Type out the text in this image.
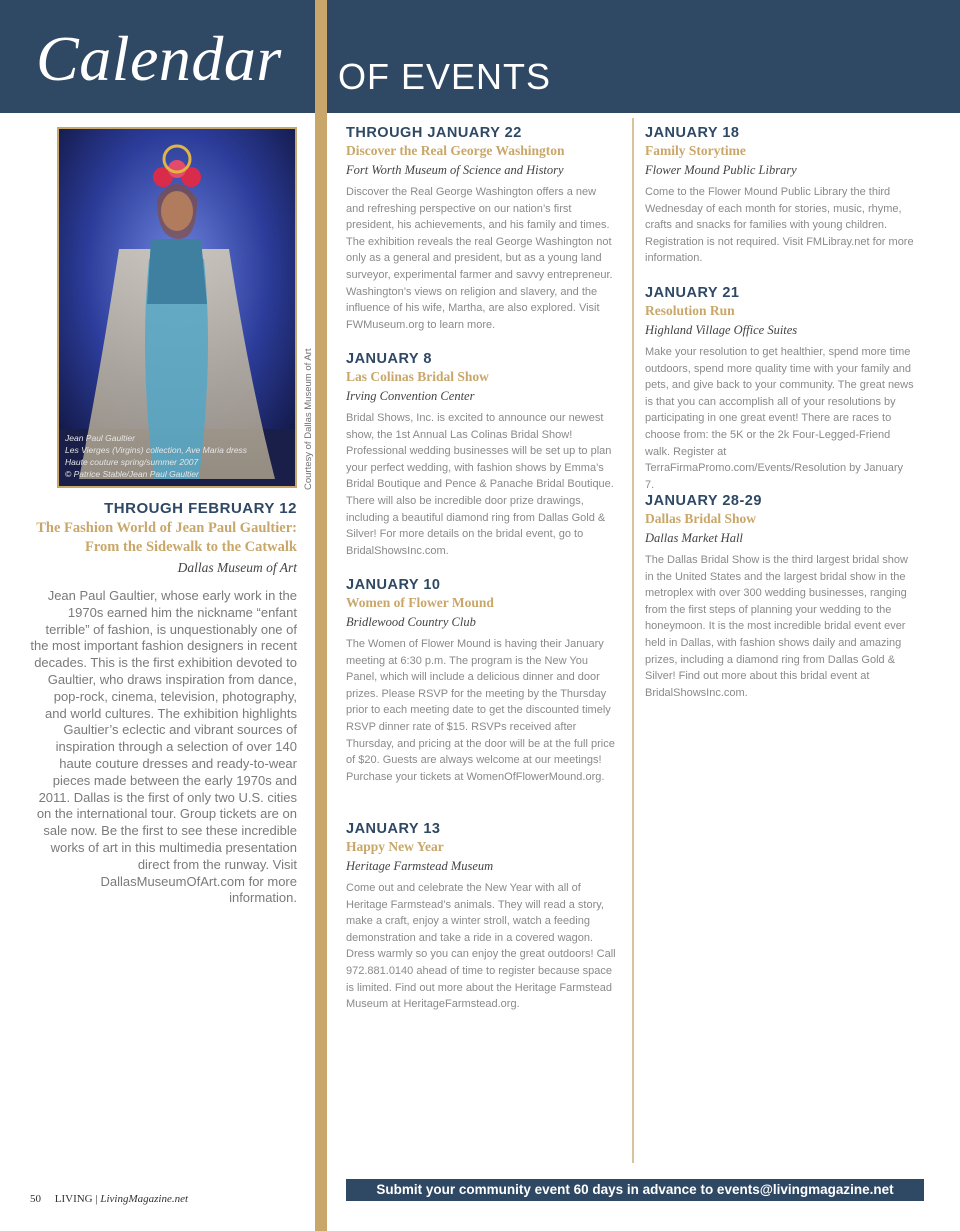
Calendar OF EVENTS
Jean Paul Gaultier
Les Vierges (Virgins) collection, Ave Maria dress
Haute couture spring/summer 2007
© Patrice Stable/Jean Paul Gaultier	Courtesy of Dallas Museum of Art
THROUGH FEBRUARY 12
The Fashion World of Jean Paul Gaultier:
From the Sidewalk to the Catwalk
Dallas Museum of Art
Jean Paul Gaultier, whose early work in the 1970s earned him the nickname “enfant terrible” of fashion, is unquestionably one of the most important fashion designers in recent decades. This is the first exhibition devoted to Gaultier, who draws inspiration from dance, pop-rock, cinema, television, photography, and world cultures. The exhibition highlights Gaultier’s eclectic and vibrant sources of inspiration through a selection of over 140 haute couture dresses and ready-to-wear pieces made between the early 1970s and 2011. Dallas is the first of only two U.S. cities on the international tour. Group tickets are on sale now. Be the first to see these incredible works of art in this multimedia presentation direct from the runway. Visit DallasMuseumOfArt.com for more information.
THROUGH JANUARY 22
Discover the Real George Washington
Fort Worth Museum of Science and History
Discover the Real George Washington offers a new and refreshing perspective on our nation’s first president, his achievements, and his family and times. The exhibition reveals the real George Washington not only as a general and president, but as a young land surveyor, experimental farmer and savvy entrepreneur. Washington’s views on religion and slavery, and the influence of his wife, Martha, are also explored. Visit FWMuseum.org to learn more.
JANUARY 8
Las Colinas Bridal Show
Irving Convention Center
Bridal Shows, Inc. is excited to announce our newest show, the 1st Annual Las Colinas Bridal Show! Professional wedding businesses will be set up to plan your perfect wedding, with fashion shows by Emma’s Bridal Boutique and Pence & Panache Bridal Boutique. There will also be incredible door prize drawings, including a beautiful diamond ring from Dallas Gold & Silver! For more details on the bridal event, go to BridalShowsInc.com.
JANUARY 10
Women of Flower Mound
Bridlewood Country Club
The Women of Flower Mound is having their January meeting at 6:30 p.m. The program is the New You Panel, which will include a delicious dinner and door prizes. Please RSVP for the meeting by the Thursday prior to each meeting date to get the discounted timely RSVP dinner rate of $15. RSVPs received after Thursday, and pricing at the door will be at the full price of $20. Guests are always welcome at our meetings! Purchase your tickets at WomenOfFlowerMound.org.
JANUARY 13
Happy New Year
Heritage Farmstead Museum
Come out and celebrate the New Year with all of Heritage Farmstead’s animals. They will read a story, make a craft, enjoy a winter stroll, watch a feeding demonstration and take a ride in a covered wagon. Dress warmly so you can enjoy the great outdoors! Call 972.881.0140 ahead of time to register because space is limited. Find out more about the Heritage Farmstead Museum at HeritageFarmstead.org.
JANUARY 18
Family Storytime
Flower Mound Public Library
Come to the Flower Mound Public Library the third Wednesday of each month for stories, music, rhyme, crafts and snacks for families with young children. Registration is not required. Visit FMLibray.net for more information.
JANUARY 21
Resolution Run
Highland Village Office Suites
Make your resolution to get healthier, spend more time outdoors, spend more quality time with your family and pets, and give back to your community. The great news is that you can accomplish all of your resolutions by participating in one great event! There are races to choose from: the 5K or the 2k Four-Legged-Friend walk. Register at TerraFirmaPromo.com/Events/Resolution by January 7.
JANUARY 28-29
Dallas Bridal Show
Dallas Market Hall
The Dallas Bridal Show is the third largest bridal show in the United States and the largest bridal show in the metroplex with over 300 wedding businesses, ranging from the first steps of planning your wedding to the honeymoon. It is the most incredible bridal event ever held in Dallas, with fashion shows daily and amazing prizes, including a diamond ring from Dallas Gold & Silver! Find out more about this bridal event at BridalShowsInc.com.
50 LIVING | LivingMagazine.net
Submit your community event 60 days in advance to events@livingmagazine.net
